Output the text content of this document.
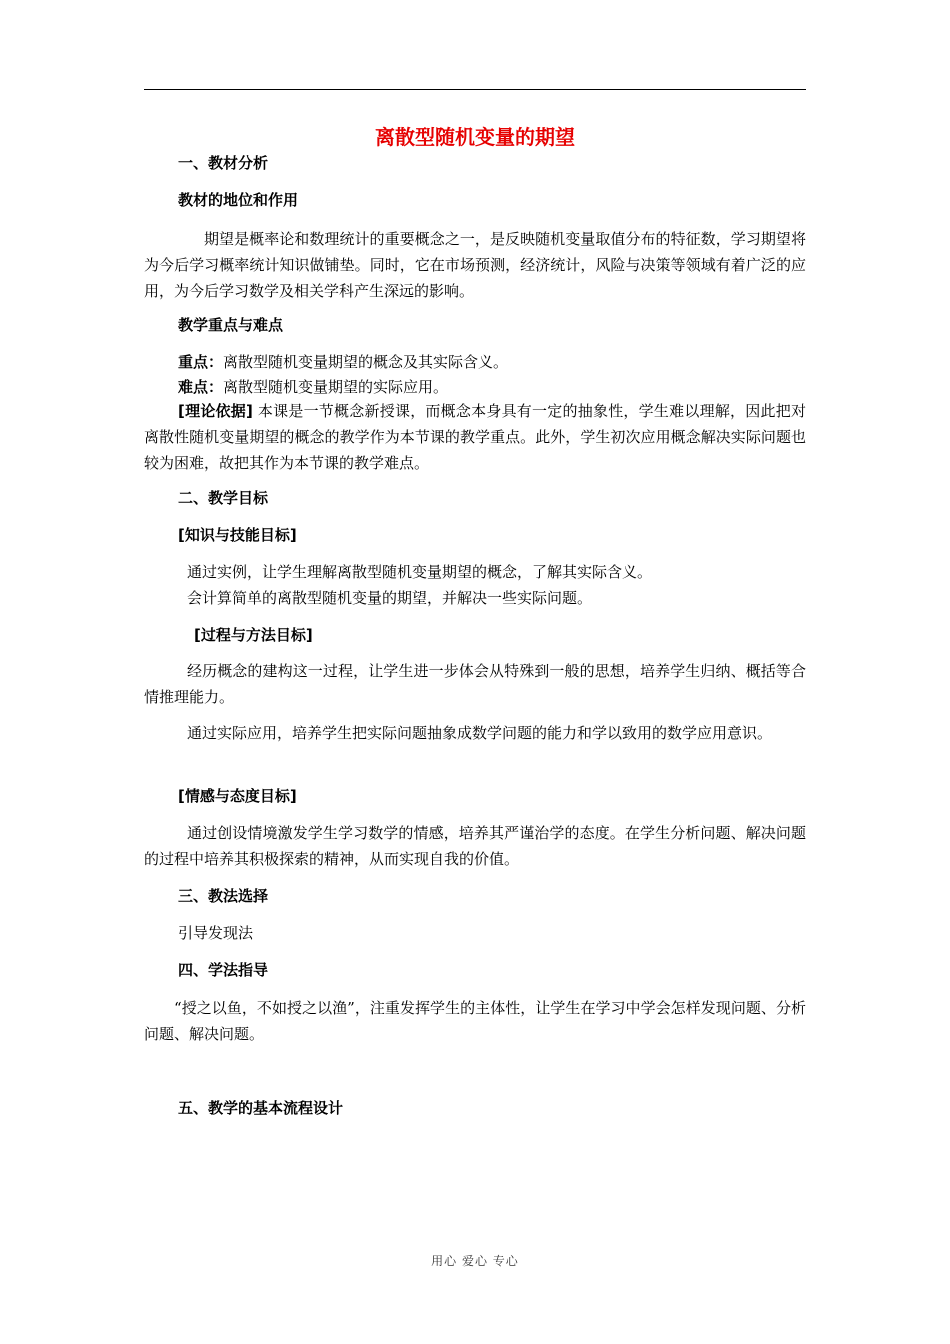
离散型随机变量的期望
一、教材分析
教材的地位和作用
期望是概率论和数理统计的重要概念之一，是反映随机变量取值分布的特征数，学习期望将为今后学习概率统计知识做铺垫。同时，它在市场预测，经济统计，风险与决策等领域有着广泛的应用，为今后学习数学及相关学科产生深远的影响。
教学重点与难点
重点：离散型随机变量期望的概念及其实际含义。
难点：离散型随机变量期望的实际应用。
[理论依据] 本课是一节概念新授课，而概念本身具有一定的抽象性，学生难以理解，因此把对离散性随机变量期望的概念的教学作为本节课的教学重点。此外，学生初次应用概念解决实际问题也较为困难，故把其作为本节课的教学难点。
二、教学目标
[知识与技能目标]
通过实例，让学生理解离散型随机变量期望的概念，了解其实际含义。
会计算简单的离散型随机变量的期望，并解决一些实际问题。
[过程与方法目标]
经历概念的建构这一过程，让学生进一步体会从特殊到一般的思想，培养学生归纳、概括等合情推理能力。
通过实际应用，培养学生把实际问题抽象成数学问题的能力和学以致用的数学应用意识。
[情感与态度目标]
通过创设情境激发学生学习数学的情感，培养其严谨治学的态度。在学生分析问题、解决问题的过程中培养其积极探索的精神，从而实现自我的价值。
三、教法选择
引导发现法
四、学法指导
“授之以鱼，不如授之以渔”，注重发挥学生的主体性，让学生在学习中学会怎样发现问题、分析问题、解决问题。
五、教学的基本流程设计
用心 爱心 专心
